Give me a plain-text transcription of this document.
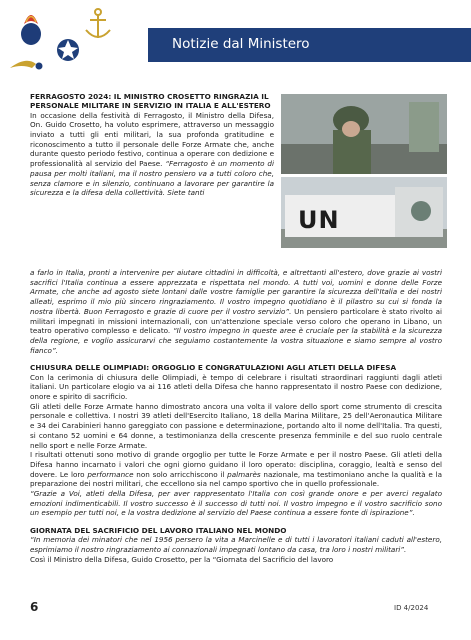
Notizie dal Ministero
UN
FERRAGOSTO 2024: IL MINISTRO CROSETTO RINGRAZIA IL PERSONALE MILITARE IN SERVIZIO IN ITALIA E ALL'ESTERO

In occasione della festività di Ferragosto, il Ministro della Difesa, On. Guido Crosetto, ha voluto esprimere, attraverso un messaggio inviato a tutti gli enti militari, la sua profonda gratitudine e riconoscimento a tutto il personale delle Forze Armate che, anche durante questo periodo festivo, continua a operare con dedizione e professionalità al servizio del Paese. “Ferragosto è un momento di pausa per molti italiani, ma il nostro pensiero va a tutti coloro che, senza clamore e in silenzio, continuano a lavorare per garantire la sicurezza e la difesa della collettività. Siete tanti

a farlo in Italia, pronti a intervenire per aiutare cittadini in difficoltà, e altrettanti all'estero, dove grazie ai vostri sacrifici l'Italia continua a essere apprezzata e rispettata nel mondo. A tutti voi, uomini e donne delle Forze Armate, che anche ad agosto siete lontani dalle vostre famiglie per garantire la sicurezza dell'Italia e dei nostri alleati, esprimo il mio più sincero ringraziamento. Il vostro impegno quotidiano è il pilastro su cui si fonda la nostra libertà. Buon Ferragosto e grazie di cuore per il vostro servizio”. Un pensiero particolare è stato rivolto ai militari impegnati in missioni internazionali, con un'attenzione speciale verso coloro che operano in Libano, un teatro operativo complesso e delicato. “Il vostro impegno in queste aree è cruciale per la stabilità e la sicurezza della regione, e voglio assicurarvi che seguiamo costantemente la vostra situazione e siamo sempre al vostro fianco”.

CHIUSURA DELLE OLIMPIADI: ORGOGLIO E CONGRATULAZIONI AGLI ATLETI DELLA DIFESA

Con la cerimonia di chiusura delle Olimpiadi, è tempo di celebrare i risultati straordinari raggiunti dagli atleti italiani. Un particolare elogio va ai 116 atleti della Difesa che hanno rappresentato il nostro Paese con dedizione, onore e spirito di sacrificio.

Gli atleti delle Forze Armate hanno dimostrato ancora una volta il valore dello sport come strumento di crescita personale e collettiva. I nostri 39 atleti dell'Esercito Italiano, 18 della Marina Militare, 25 dell'Aeronautica Militare e 34 dei Carabinieri hanno gareggiato con passione e determinazione, portando alto il nome dell'Italia. Tra questi, si contano 52 uomini e 64 donne, a testimonianza della crescente presenza femminile e del suo ruolo centrale nello sport e nelle Forze Armate.

I risultati ottenuti sono motivo di grande orgoglio per tutte le Forze Armate e per il nostro Paese. Gli atleti della Difesa hanno incarnato i valori che ogni giorno guidano il loro operato: disciplina, coraggio, lealtà e senso del dovere. Le loro performance non solo arricchiscono il palmarès nazionale, ma testimoniano anche la qualità e la preparazione dei nostri militari, che eccellono sia nel campo sportivo che in quello professionale.

“Grazie a Voi, atleti della Difesa, per aver rappresentato l'Italia con così grande onore e per averci regalato emozioni indimenticabili. Il vostro successo è il successo di tutti noi. Il vostro impegno e il vostro sacrificio sono un esempio per tutti noi, e la vostra dedizione al servizio del Paese continua a essere fonte di ispirazione”.

GIORNATA DEL SACRIFICIO DEL LAVORO ITALIANO NEL MONDO

“In memoria dei minatori che nel 1956 persero la vita a Marcinelle e di tutti i lavoratori italiani caduti all'estero, esprimiamo il nostro ringraziamento ai connazionali impegnati lontano da casa, tra loro i nostri militari”.

Così il Ministro della Difesa, Guido Crosetto, per la “Giornata del Sacrificio del lavoro

6	ID 4/2024
